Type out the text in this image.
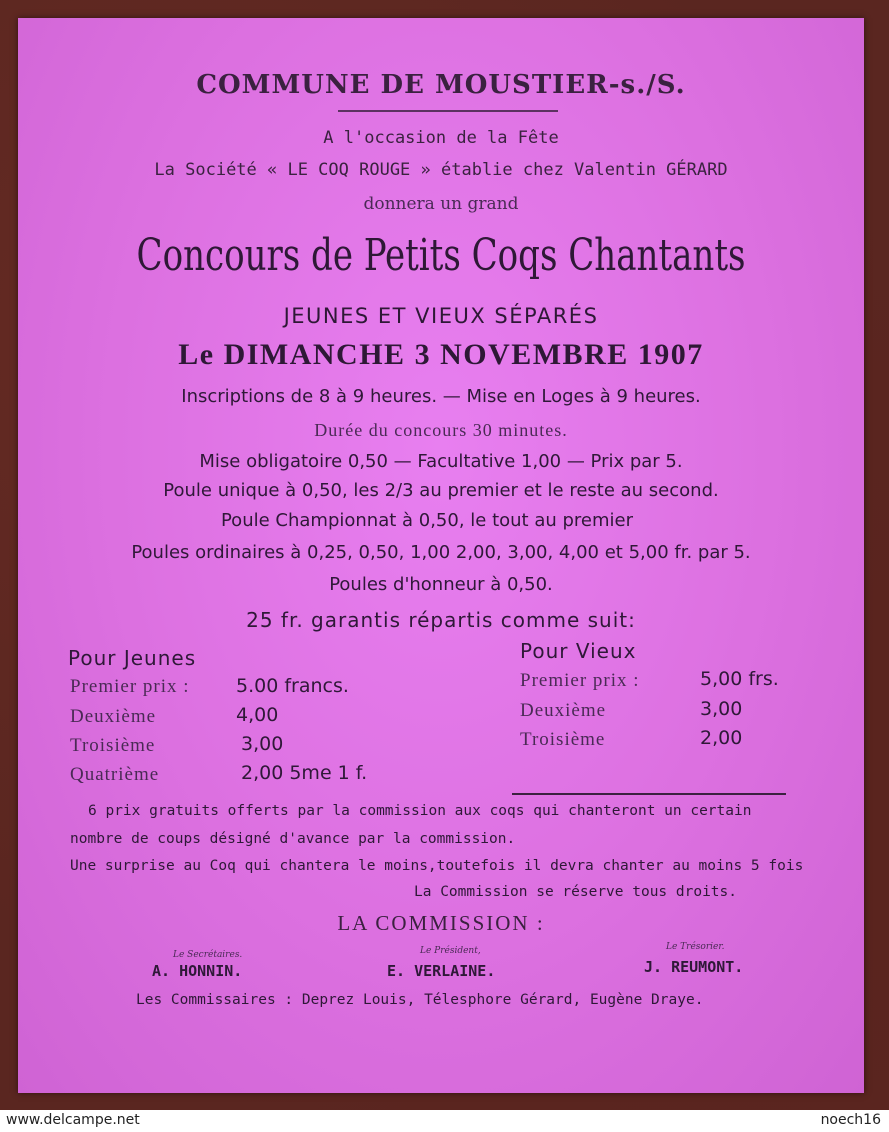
COMMUNE DE MOUSTIER-s./S.
A l'occasion de la Fête
La Société « LE COQ ROUGE » établie chez Valentin GÉRARD
donnera un grand
Concours de Petits Coqs Chantants
JEUNES ET VIEUX SÉPARÉS
Le DIMANCHE 3 NOVEMBRE 1907
Inscriptions de 8 à 9 heures. — Mise en Loges à 9 heures.
Durée du concours 30 minutes.
Mise obligatoire 0,50 — Facultative 1,00 — Prix par 5.
Poule unique à 0,50, les 2/3 au premier et le reste au second.
Poule Championnat à 0,50, le tout au premier
Poules ordinaires à 0,25, 0,50, 1,00 2,00, 3,00, 4,00 et 5,00 fr. par 5.
Poules d'honneur à 0,50.
25 fr. garantis répartis comme suit:
Pour Jeunes
Premier prix : 5.00 francs.
Deuxième	4,00
Troisième	3,00
Quatrième	2,00 5me 1 f.
Pour Vieux
Premier prix :	5,00 frs.
Deuxième	3,00
Troisième	2,00
6 prix gratuits offerts par la commission aux coqs qui chanteront un certain
nombre de coups désigné d'avance par la commission.
Une surprise au Coq qui chantera le moins,toutefois il devra chanter au moins 5 fois
La Commission se réserve tous droits.
LA COMMISSION :
Le Secrétaires.
A. HONNIN.
Le Président,
E. VERLAINE.
Le Trésorier.
J. REUMONT.
Les Commissaires : Deprez Louis, Télesphore Gérard, Eugène Draye.
www.delcampe.net	noech16
